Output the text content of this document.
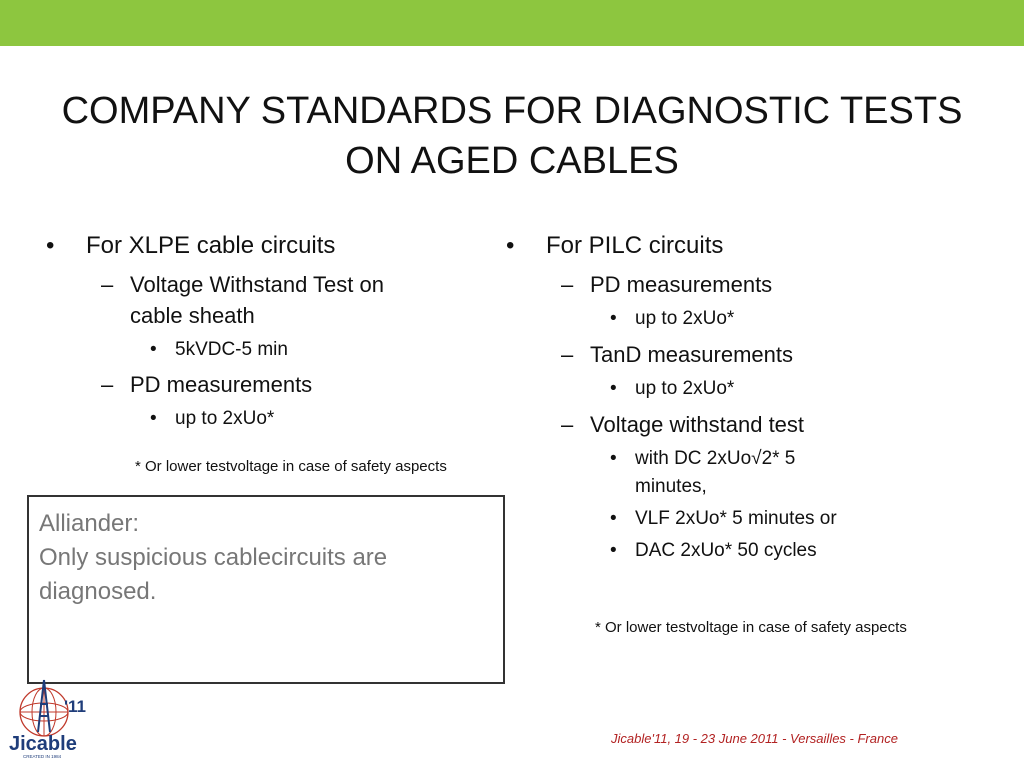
COMPANY STANDARDS FOR DIAGNOSTIC TESTS
ON AGED CABLES
• For XLPE cable circuits
– Voltage Withstand Test on
cable sheath
• 5kVDC-5 min
– PD measurements
• up to 2xUo*
* Or lower testvoltage in case of safety aspects
• For PILC circuits
– PD measurements
• up to 2xUo*
– TanD measurements
• up to 2xUo*
– Voltage withstand test
• with DC 2xUo√2* 5
minutes,
• VLF 2xUo* 5 minutes or
• DAC 2xUo* 50 cycles
* Or lower testvoltage in case of safety aspects
Alliander:
Only suspicious cablecircuits are
diagnosed.
'11
Jicable
CREATED IN 1984
Jicable'11, 19 - 23 June 2011 - Versailles - France
